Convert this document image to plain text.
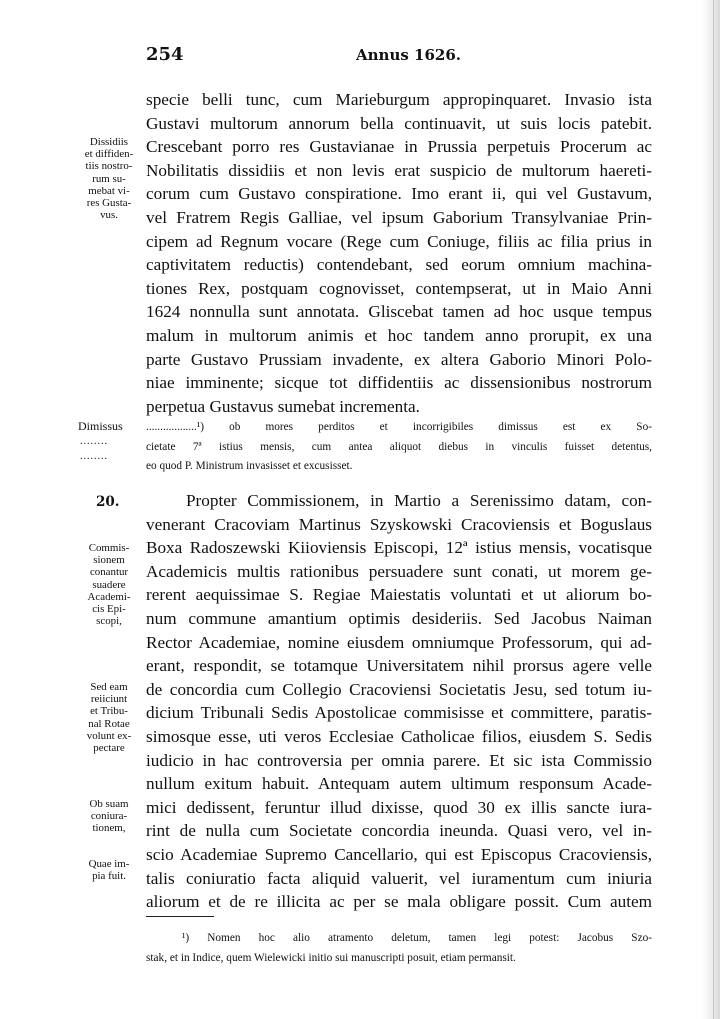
254	Annus 1626.
specie belli tunc, cum Marieburgum appropinquaret. Invasio ista
Gustavi multorum annorum bella continuavit, ut suis locis patebit.
Crescebant porro res Gustavianae in Prussia perpetuis Procerum ac
Nobilitatis dissidiis et non levis erat suspicio de multorum haereti-
corum cum Gustavo conspiratione. Imo erant ii, qui vel Gustavum,
vel Fratrem Regis Galliae, vel ipsum Gaborium Transylvaniae Prin-
cipem ad Regnum vocare (Rege cum Coniuge, filiis ac filia prius in
captivitatem reductis) contendebant, sed eorum omnium machina-
tiones Rex, postquam cognovisset, contempserat, ut in Maio Anni
1624 nonnulla sunt annotata. Gliscebat tamen ad hoc usque tempus
malum in multorum animis et hoc tandem anno prorupit, ex una
parte Gustavo Prussiam invadente, ex altera Gaborio Minori Polo-
niae imminente; sicque tot diffidentiis ac dissensionibus nostrorum
perpetua Gustavus sumebat incrementa.
Dissidiis
et diffiden-
tiis nostro-
rum su-
mebat vi-
res Gusta-
vus.
Dimissus
........
........
..................¹) ob mores perditos et incorrigibiles dimissus est ex So-
cietate 7ª istius mensis, cum antea aliquot diebus in vinculis fuisset detentus,
eo quod P. Ministrum invasisset et excusisset.
20.	Propter Commissionem, in Martio a Serenissimo datam, con-
venerant Cracoviam Martinus Szyskowski Cracoviensis et Boguslaus
Boxa Radoszewski Kiioviensis Episcopi, 12ª istius mensis, vocatisque
Academicis multis rationibus persuadere sunt conati, ut morem ge-
rerent aequissimae S. Regiae Maiestatis voluntati et ut aliorum bo-
num commune amantium optimis desideriis. Sed Jacobus Naiman
Rector Academiae, nomine eiusdem omniumque Professorum, qui ad-
erant, respondit, se totamque Universitatem nihil prorsus agere velle
de concordia cum Collegio Cracoviensi Societatis Jesu, sed totum iu-
dicium Tribunali Sedis Apostolicae commisisse et committere, paratis-
simosque esse, uti veros Ecclesiae Catholicae filios, eiusdem S. Sedis
iudicio in hac controversia per omnia parere. Et sic ista Commissio
nullum exitum habuit. Antequam autem ultimum responsum Acade-
mici dedissent, feruntur illud dixisse, quod 30 ex illis sancte iura-
rint de nulla cum Societate concordia ineunda. Quasi vero, vel in-
scio Academiae Supremo Cancellario, qui est Episcopus Cracoviensis,
talis coniuratio facta aliquid valuerit, vel iuramentum cum iniuria
aliorum et de re illicita ac per se mala obligare possit. Cum autem
Commis-
sionem
conantur
suadere
Academi-
cis Epi-
scopi,
Sed eam
reiiciunt
et Tribu-
nal Rotae
volunt ex-
pectare
Ob suam
coniura-
tionem,
Quae im-
pia fuit.
¹) Nomen hoc alio atramento deletum, tamen legi potest: Jacobus Szo-
stak, et in Indice, quem Wielewicki initio sui manuscripti posuit, etiam permansit.
